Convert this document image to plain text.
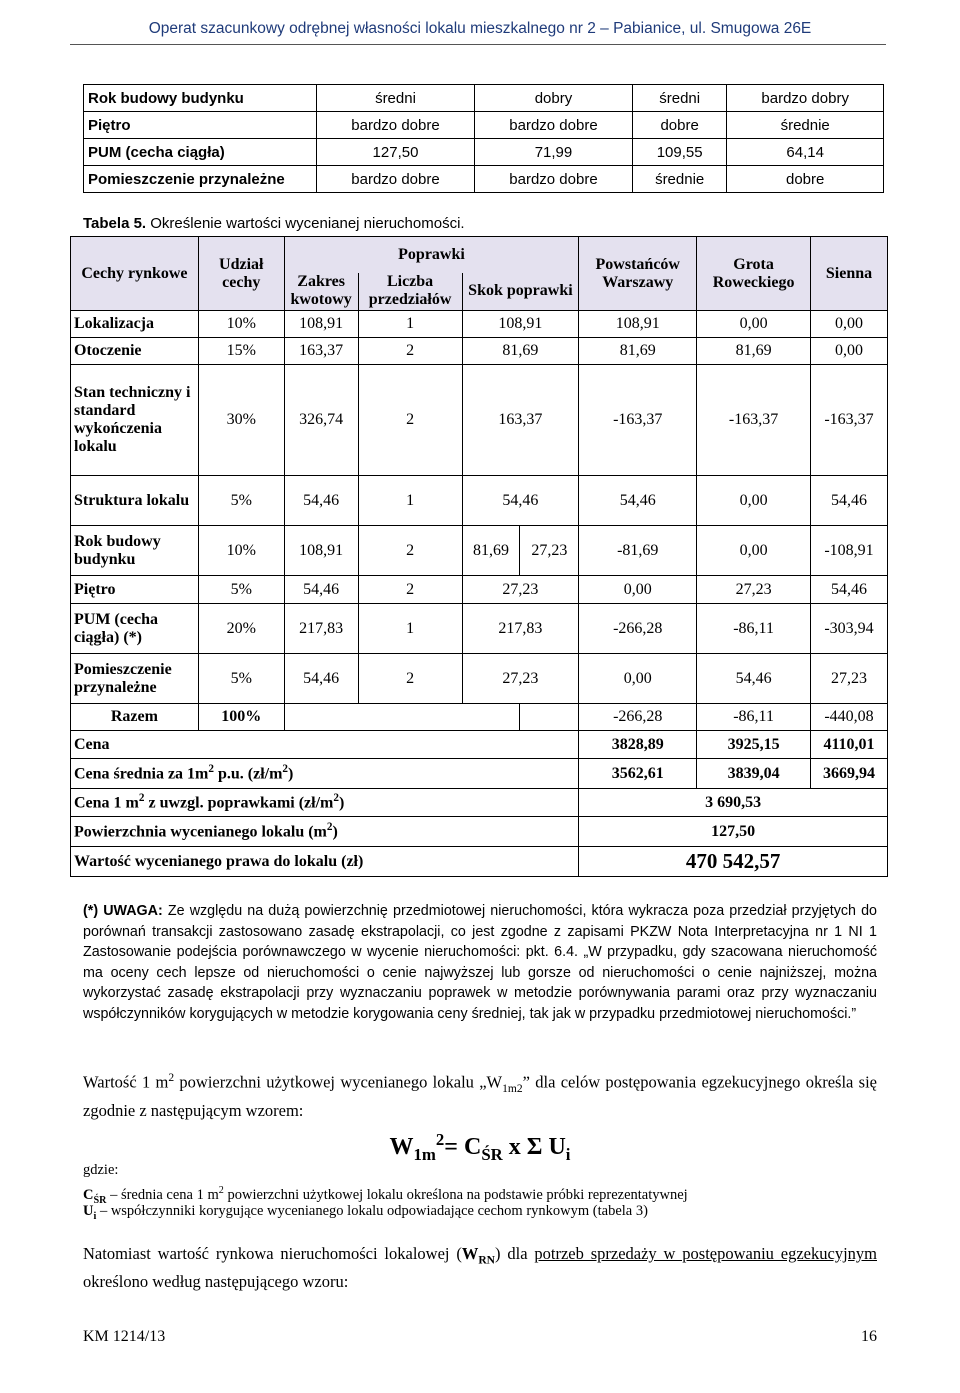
Operat szacunkowy odrębnej własności lokalu mieszkalnego nr 2 – Pabianice, ul. Smugowa 26E
Rok budowy budynku	średni	dobry	średni	bardzo dobry
Piętro	bardzo dobre	bardzo dobre	dobre	średnie
PUM (cecha ciągła)	127,50	71,99	109,55	64,14
Pomieszczenie przynależne	bardzo dobre	bardzo dobre	średnie	dobre
Tabela 5. Określenie wartości wycenianej nieruchomości.
Cechy rynkowe	Udział cechy	Poprawki				Powstańców Warszawy	Grota Roweckiego	Sienna
		Zakres kwotowy	Liczba przedziałów	Skok poprawki				
Lokalizacja	10%	108,91	1	108,91		108,91	0,00	0,00
Otoczenie	15%	163,37	2	81,69		81,69	81,69	0,00
Stan techniczny i standard wykończenia lokalu	30%	326,74	2	163,37		-163,37	-163,37	-163,37
Struktura lokalu	5%	54,46	1	54,46		54,46	0,00	54,46
Rok budowy budynku	10%	108,91	2	81,69	27,23	-81,69	0,00	-108,91
Piętro	5%	54,46	2	27,23		0,00	27,23	54,46
PUM (cecha ciągła) (*)	20%	217,83	1	217,83		-266,28	-86,11	-303,94
Pomieszczenie przynależne	5%	54,46	2	27,23		0,00	54,46	27,23
Razem	100%					-266,28	-86,11	-440,08
Cena						3828,89	3925,15	4110,01
Cena średnia za $1m^2$ p.u. $(zł/m^2)$						3562,61	3839,04	3669,94
Cena 1 $m^2$ z uwzgl. poprawkami $(zł/m^2)$						3 690,53		
Powierzchnia wycenianego lokalu $(m^2)$						127,50		
Wartość wycenianego prawa do lokalu (zł)						470 542,57		
(*) UWAGA: Ze względu na dużą powierzchnię przedmiotowej nieruchomości, która wykracza poza przedział przyjętych do porównań transakcji zastosowano zasadę ekstrapolacji, co jest zgodne z zapisami PKZW Nota Interpretacyjna nr 1 NI 1 Zastosowanie podejścia porównawczego w wycenie nieruchomości: pkt. 6.4. „W przypadku, gdy szacowana nieruchomość ma oceny cech lepsze od nieruchomości o cenie najwyższej lub gorsze od nieruchomości o cenie najniższej, można wykorzystać zasadę ekstrapolacji przy wyznaczaniu poprawek w metodzie porównywania parami oraz przy wyznaczaniu współczynników korygujących w metodzie korygowania ceny średniej, tak jak w przypadku przedmiotowej nieruchomości.”
Wartość 1 $m^2$ powierzchni użytkowej wycenianego lokalu $„W_{1m2}$” dla celów postępowania egzekucyjnego określa się zgodnie z następującym wzorem:
$W_{1m}^2= C_{ŚR}$ x Σ $U_i$
gdzie:
$C_{ŚR}$ – średnia cena 1 $m^2$ powierzchni użytkowej lokalu określona na podstawie próbki reprezentatywnej
$U_i$ – współczynniki korygujące wycenianego lokalu odpowiadające cechom rynkowym (tabela 3)
Natomiast wartość rynkowa nieruchomości lokalowej $(W_{RN})$ dla potrzeb sprzedaży w postępowaniu egzekucyjnym określono według następującego wzoru:
KM 1214/13	16
